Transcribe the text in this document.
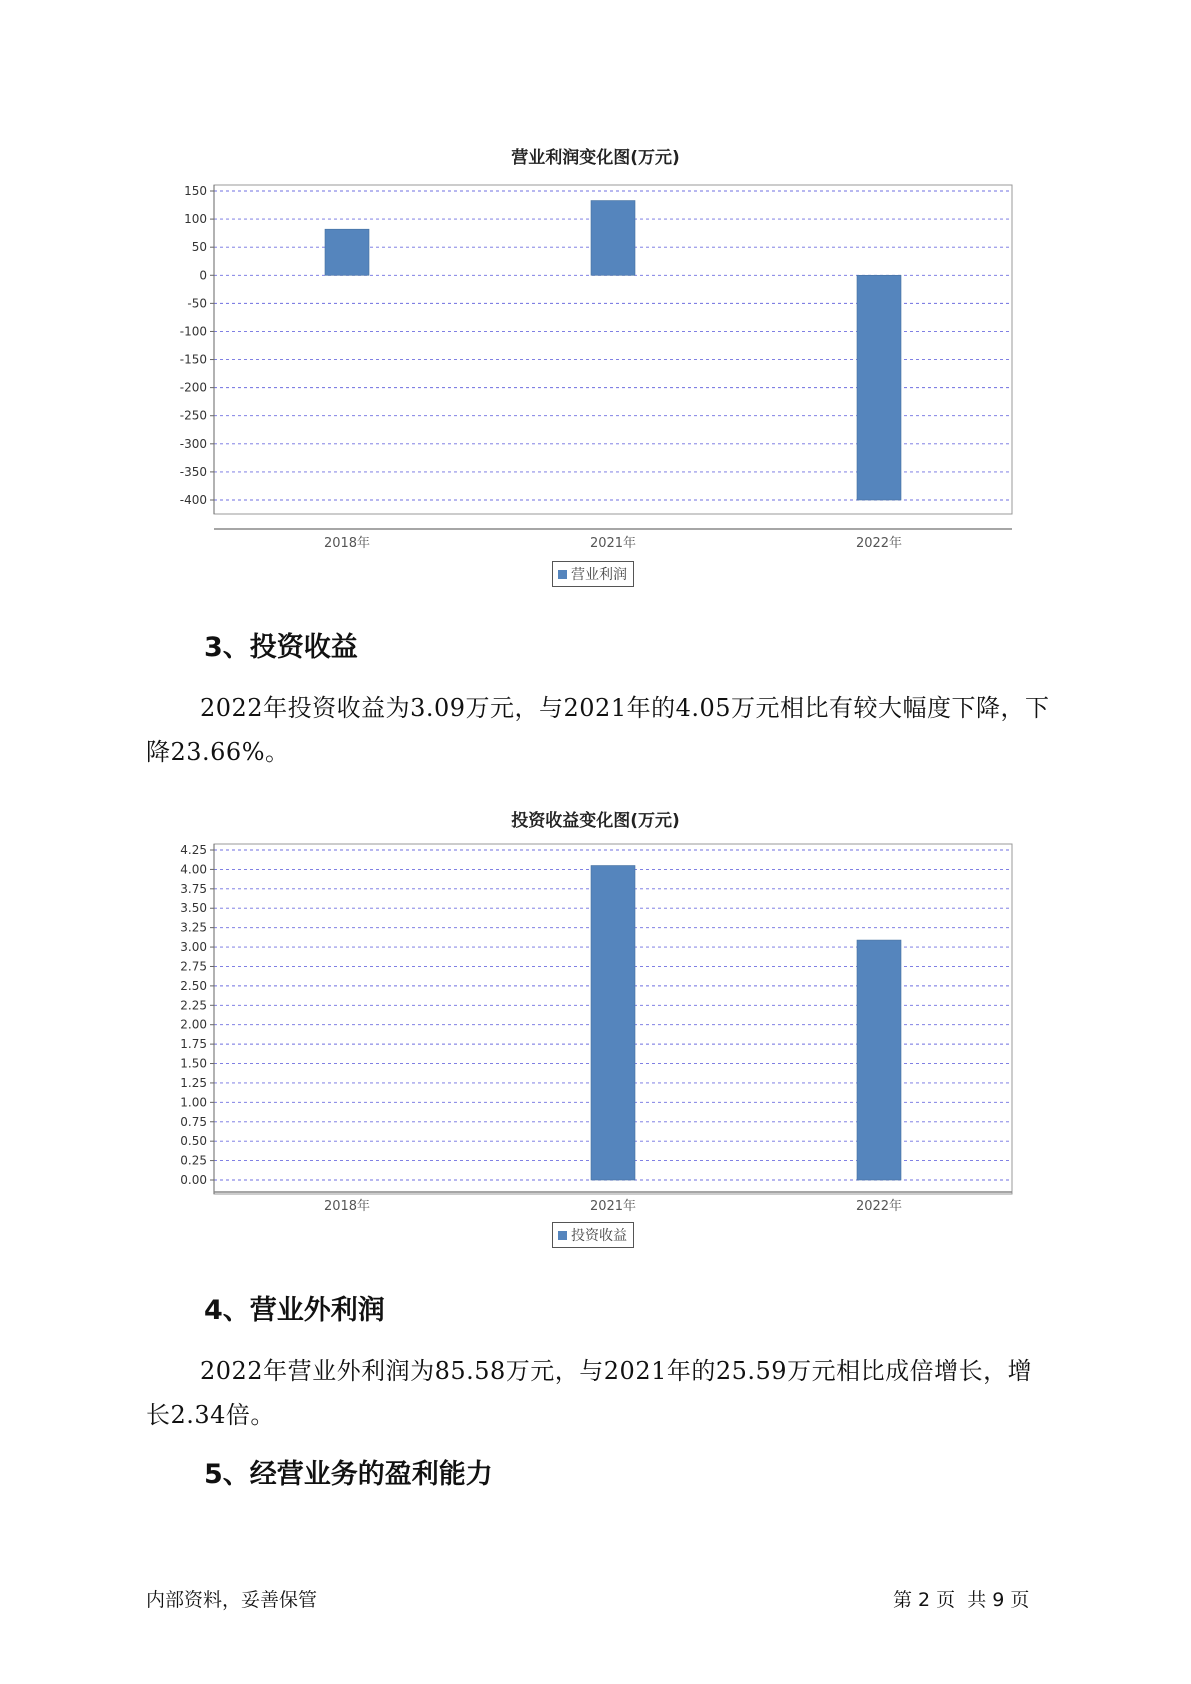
营业利润变化图(万元)
150
100
50
0
-50
-100
-150
-200
-250
-300
-350
-400
2018年	2021年	2022年
营业利润
3、投资收益

2022年投资收益为3.09万元，与2021年的4.05万元相比有较大幅度下降，下降23.66%。

投资收益变化图(万元)
4.25
4.00
3.75
3.50
3.25
3.00
2.75
2.50
2.25
2.00
1.75
1.50
1.25
1.00
0.75
0.50
0.25
0.00
2018年	2021年	2022年
投资收益
4、营业外利润

2022年营业外利润为85.58万元，与2021年的25.59万元相比成倍增长，增长2.34倍。

5、经营业务的盈利能力
内部资料，妥善保管	第 2 页  共 9 页
